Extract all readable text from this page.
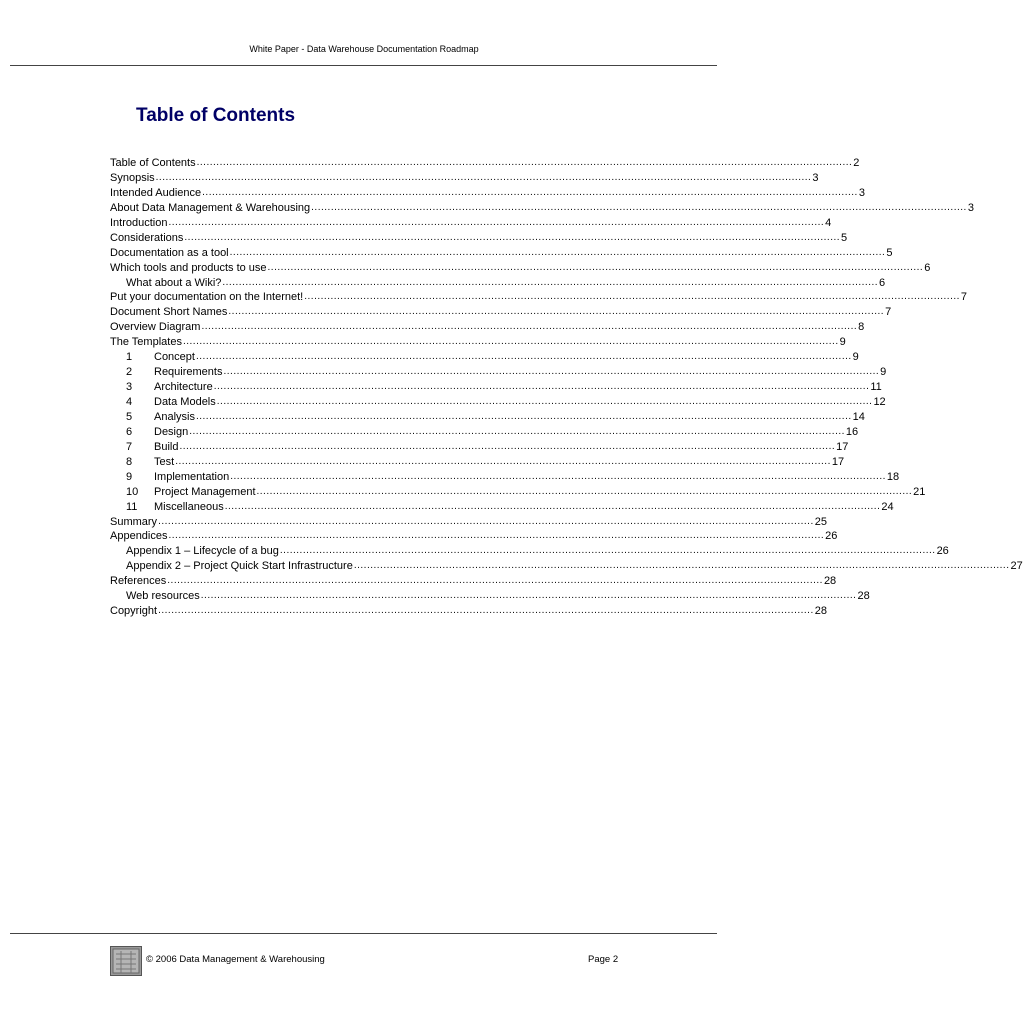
White Paper - Data Warehouse Documentation Roadmap
Table of Contents
Table of Contents ........................................................................................................................................................................................................ 2
Synopsis ........................................................................................................................................................................................................ 3
Intended Audience ........................................................................................................................................................................................................ 3
About Data Management & Warehousing ........................................................................................................................................................................................................ 3
Introduction ........................................................................................................................................................................................................ 4
Considerations ........................................................................................................................................................................................................ 5
Documentation as a tool ........................................................................................................................................................................................................ 5
Which tools and products to use ........................................................................................................................................................................................................ 6
What about a Wiki? ........................................................................................................................................................................................................ 6
Put your documentation on the Internet! ........................................................................................................................................................................................................ 7
Document Short Names ........................................................................................................................................................................................................ 7
Overview Diagram ........................................................................................................................................................................................................ 8
The Templates ........................................................................................................................................................................................................ 9
1	Concept ........................................................................................................................................................................................................ 9
2	Requirements ........................................................................................................................................................................................................ 9
3	Architecture ........................................................................................................................................................................................................ 11
4	Data Models ........................................................................................................................................................................................................ 12
5	Analysis ........................................................................................................................................................................................................ 14
6	Design ........................................................................................................................................................................................................ 16
7	Build ........................................................................................................................................................................................................ 17
8	Test ........................................................................................................................................................................................................ 17
9	Implementation ........................................................................................................................................................................................................ 18
10	Project Management ........................................................................................................................................................................................................ 21
11	Miscellaneous ........................................................................................................................................................................................................ 24
Summary ........................................................................................................................................................................................................ 25
Appendices ........................................................................................................................................................................................................ 26
Appendix 1 – Lifecycle of a bug ........................................................................................................................................................................................................ 26
Appendix 2 – Project Quick Start Infrastructure ........................................................................................................................................................................................................ 27
References ........................................................................................................................................................................................................ 28
Web resources ........................................................................................................................................................................................................ 28
Copyright ........................................................................................................................................................................................................ 28
© 2006 Data Management & Warehousing	Page 2
